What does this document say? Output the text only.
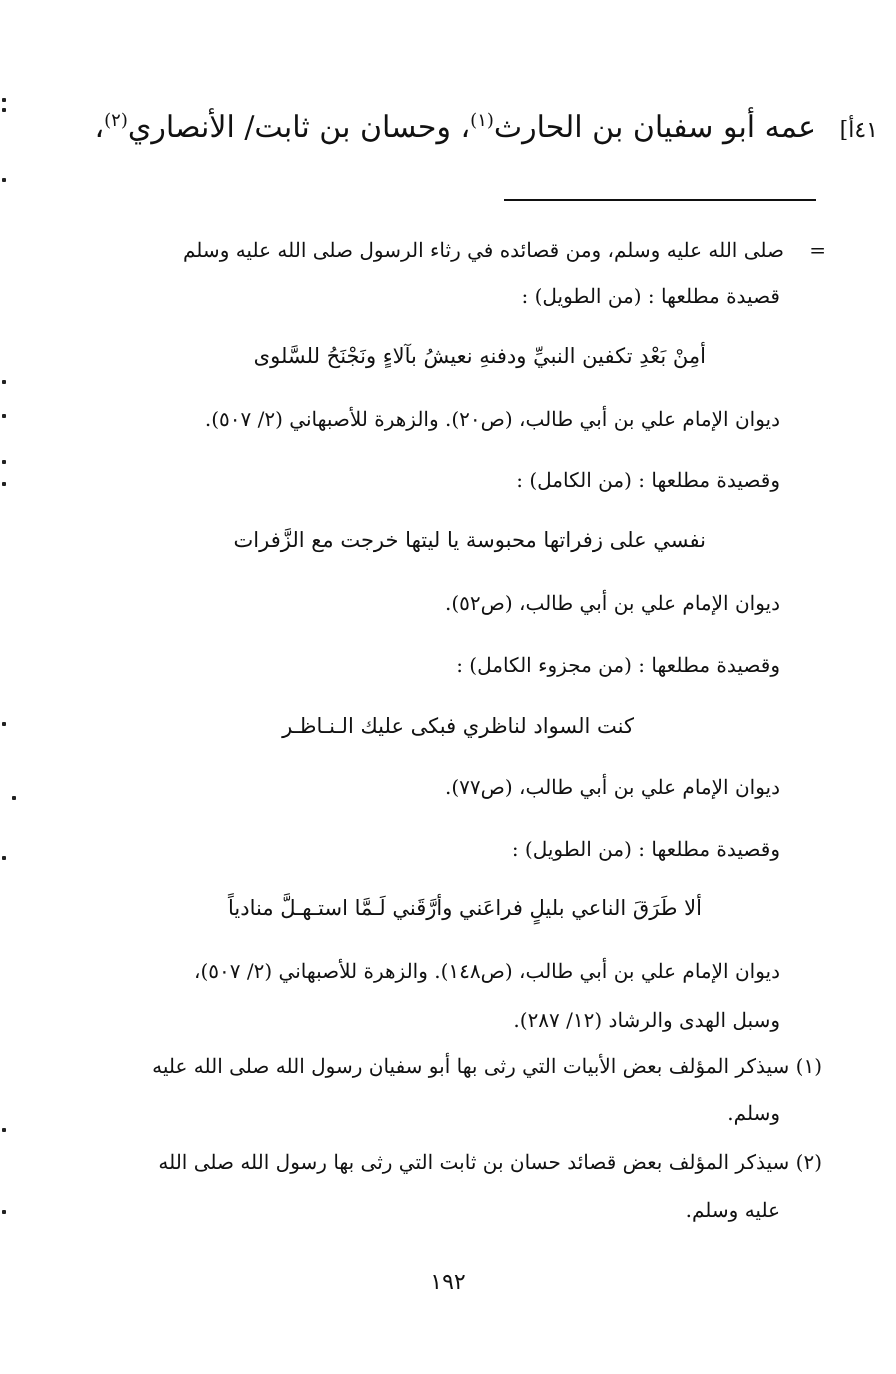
٤١أ]
عمه أبو سفيان بن الحارث$^{(١)}$، وحسان بن ثابت/ الأنصاري$^{(٢)}$،
=
صلى الله عليه وسلم، ومن قصائده في رثاء الرسول صلى الله عليه وسلم
قصيدة مطلعها : (من الطويل) :
أمِنْ بَعْدِ تكفين النبيِّ ودفنهِ نعيشُ بآلاءٍ ونَجْنَحُ للسَّلوى
ديوان الإمام علي بن أبي طالب، (ص٢٠). والزهرة للأصبهاني (٢/ ٥٠٧).
وقصيدة مطلعها : (من الكامل) :
نفسي على زفراتها محبوسة يا ليتها خرجت مع الزَّفرات
ديوان الإمام علي بن أبي طالب، (ص٥٢).
وقصيدة مطلعها : (من مجزوء الكامل) :
كنت السواد لناظري فبكى عليك الـنـاظـر
ديوان الإمام علي بن أبي طالب، (ص٧٧).
وقصيدة مطلعها : (من الطويل) :
ألا طَرَقَ الناعي بليلٍ فراعَني وأرَّقَني لَـمَّا استـهـلَّ منادياً
ديوان الإمام علي بن أبي طالب، (ص١٤٨). والزهرة للأصبهاني (٢/ ٥٠٧)،
وسبل الهدى والرشاد (١٢/ ٢٨٧).
(١) سيذكر المؤلف بعض الأبيات التي رثى بها أبو سفيان رسول الله صلى الله عليه
وسلم.
(٢) سيذكر المؤلف بعض قصائد حسان بن ثابت التي رثى بها رسول الله صلى الله
عليه وسلم.
١٩٢
